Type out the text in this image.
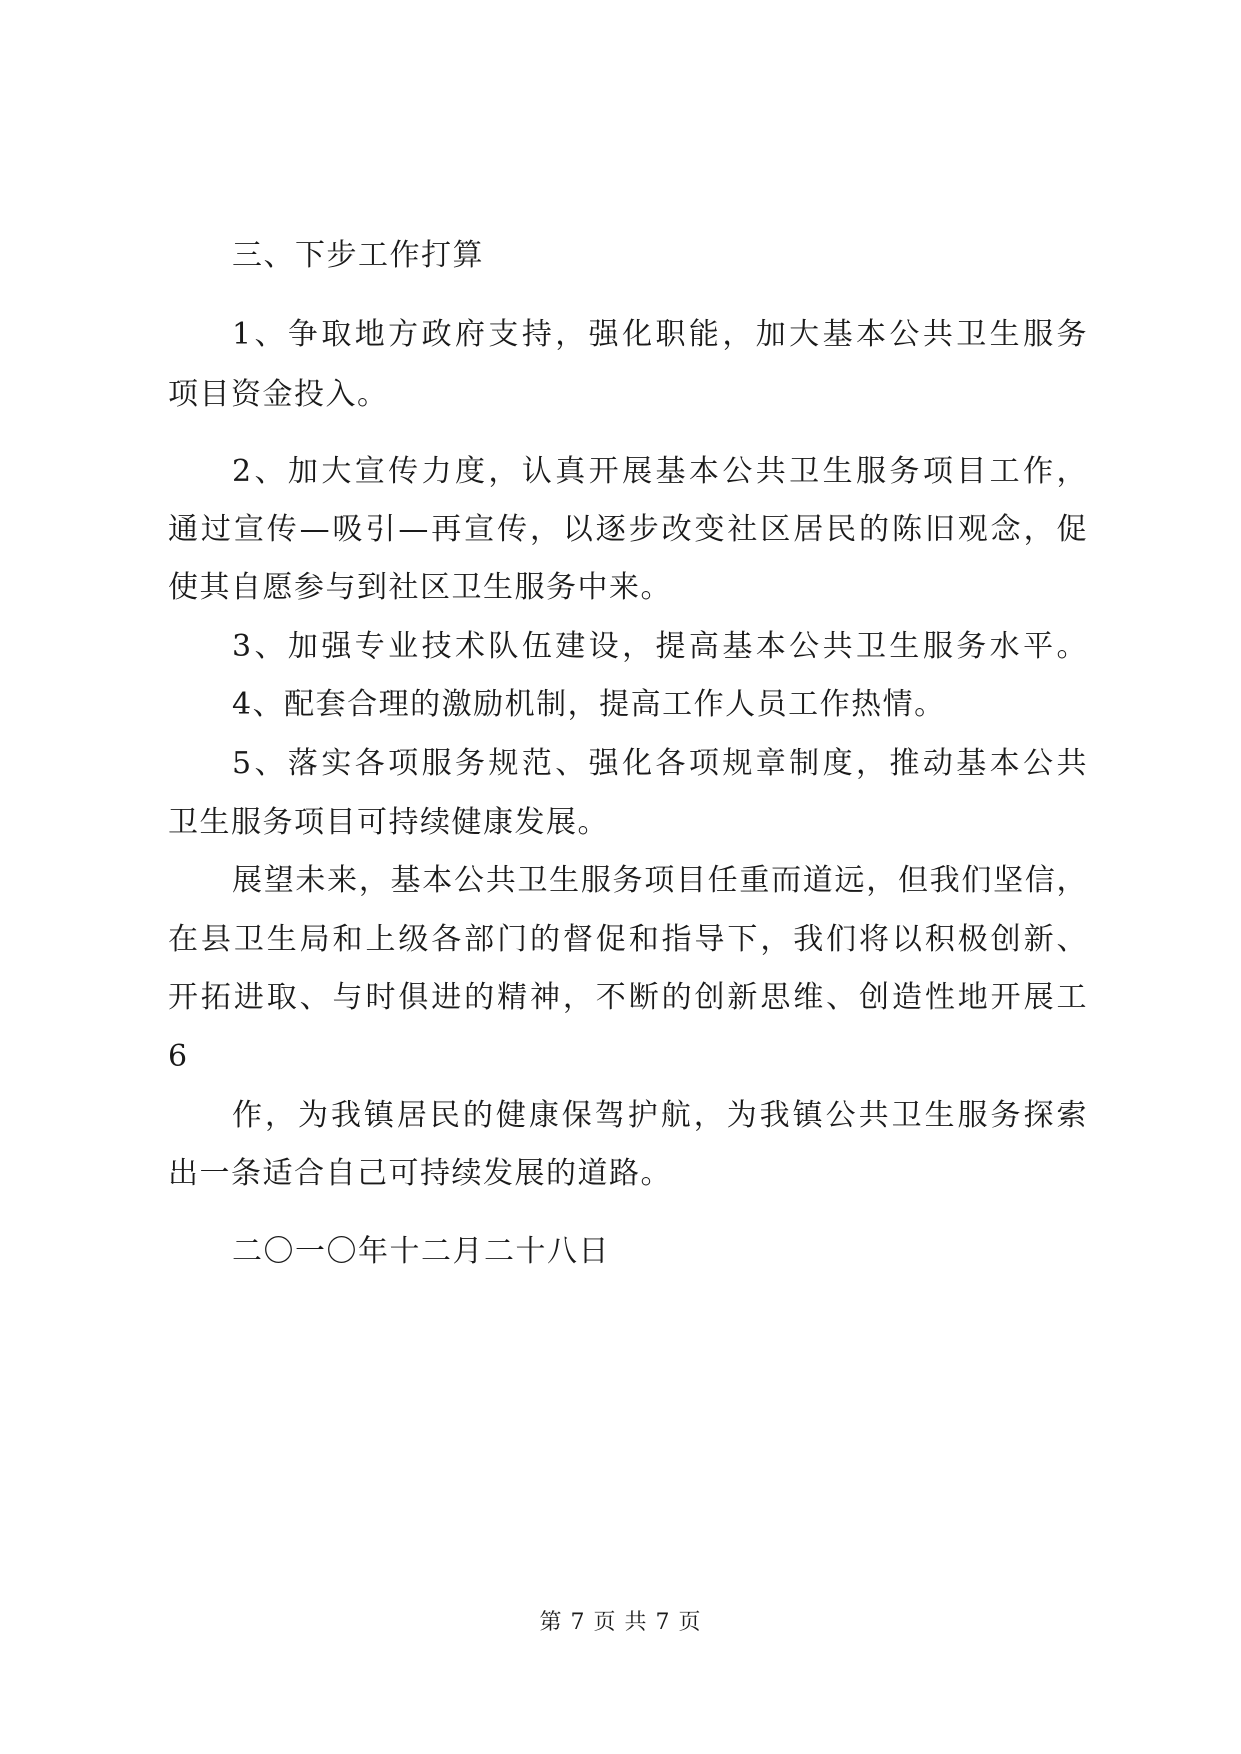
三、下步工作打算
1、争取地方政府支持，强化职能，加大基本公共卫生服务
项目资金投入。
2、加大宣传力度，认真开展基本公共卫生服务项目工作，
通过宣传—吸引—再宣传，以逐步改变社区居民的陈旧观念，促
使其自愿参与到社区卫生服务中来。
3、加强专业技术队伍建设，提高基本公共卫生服务水平。
4、配套合理的激励机制，提高工作人员工作热情。
5、落实各项服务规范、强化各项规章制度，推动基本公共
卫生服务项目可持续健康发展。
展望未来，基本公共卫生服务项目任重而道远，但我们坚信，
在县卫生局和上级各部门的督促和指导下，我们将以积极创新、
开拓进取、与时俱进的精神，不断的创新思维、创造性地开展工
6
作，为我镇居民的健康保驾护航，为我镇公共卫生服务探索
出一条适合自己可持续发展的道路。
二〇一〇年十二月二十八日
第 7 页 共 7 页
